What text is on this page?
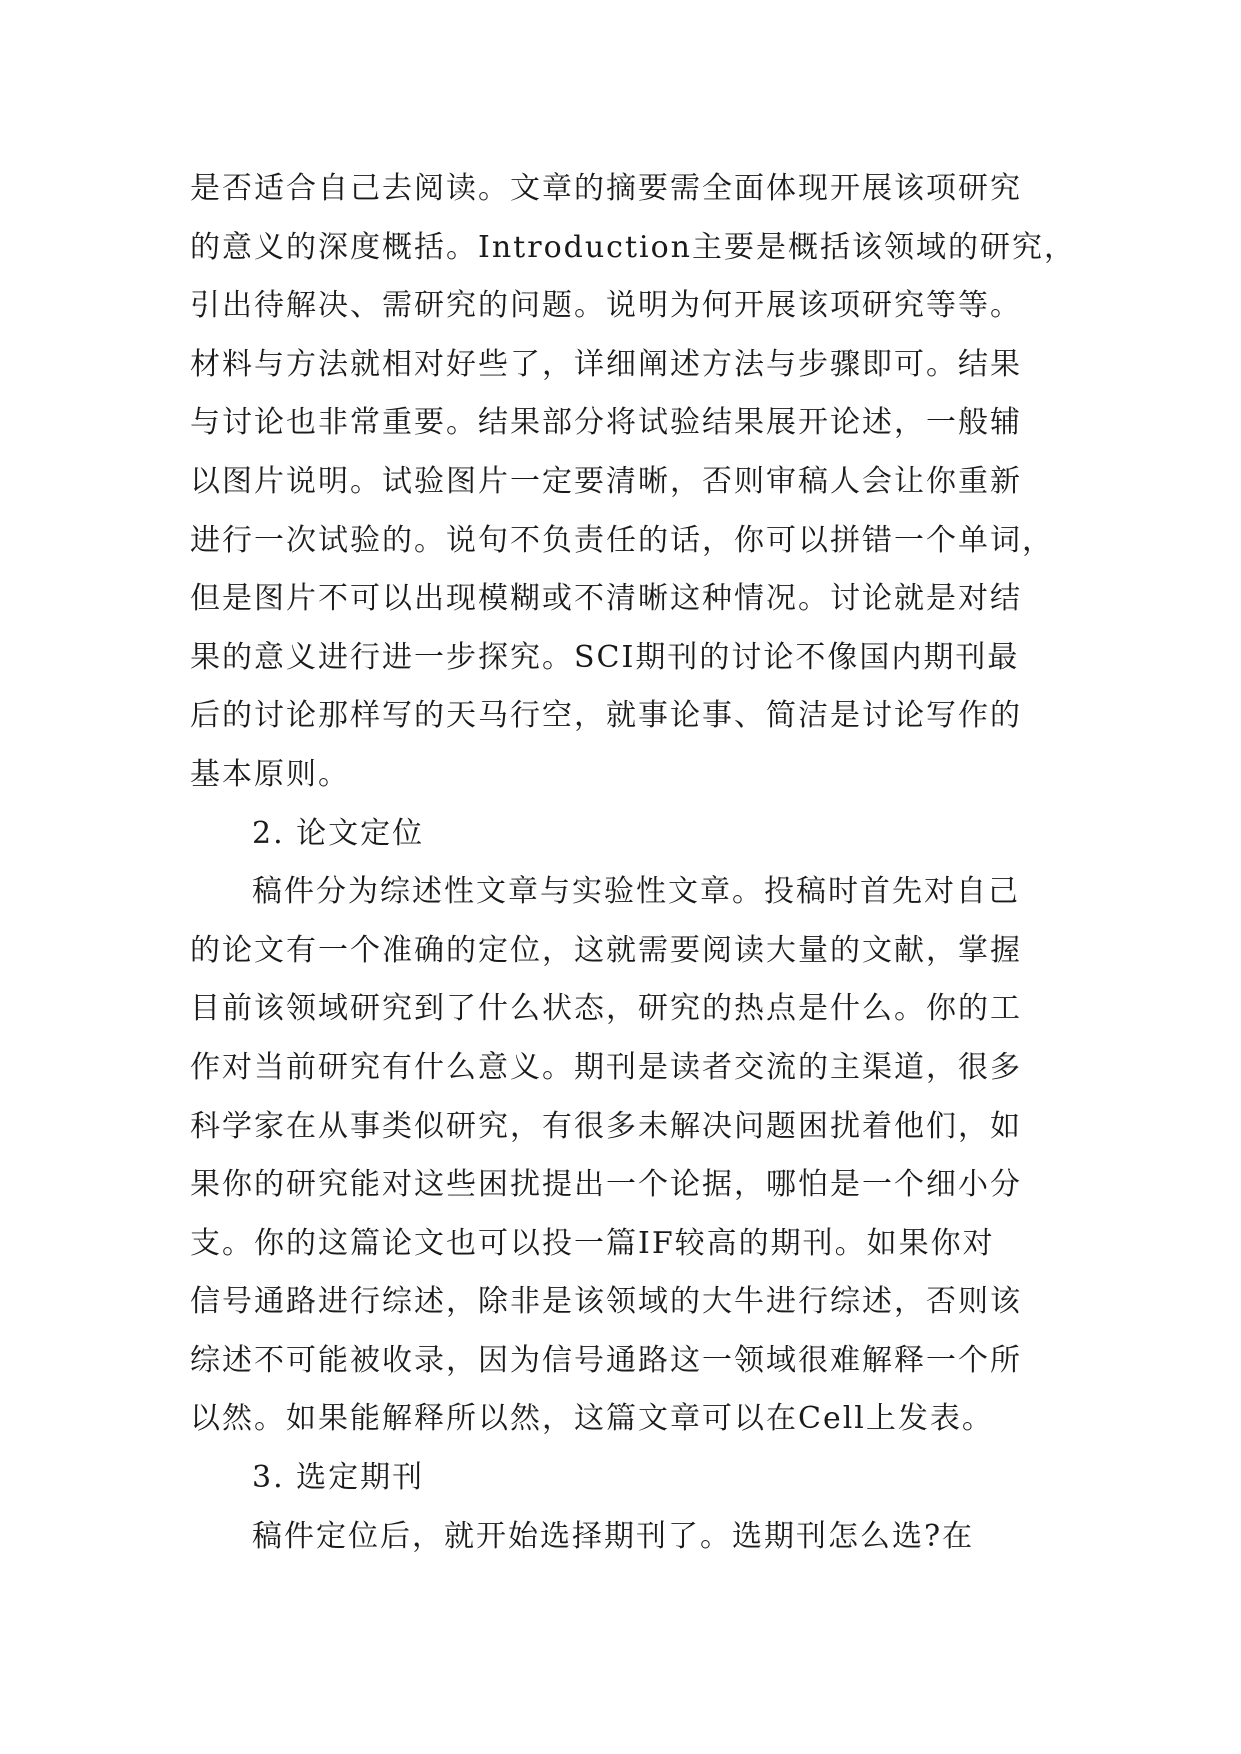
是否适合自己去阅读。文章的摘要需全面体现开展该项研究
的意义的深度概括。Introduction主要是概括该领域的研究，
引出待解决、需研究的问题。说明为何开展该项研究等等。
材料与方法就相对好些了，详细阐述方法与步骤即可。结果
与讨论也非常重要。结果部分将试验结果展开论述，一般辅
以图片说明。试验图片一定要清晰，否则审稿人会让你重新
进行一次试验的。说句不负责任的话，你可以拼错一个单词，
但是图片不可以出现模糊或不清晰这种情况。讨论就是对结
果的意义进行进一步探究。SCI期刊的讨论不像国内期刊最
后的讨论那样写的天马行空，就事论事、简洁是讨论写作的
基本原则。
2. 论文定位
稿件分为综述性文章与实验性文章。投稿时首先对自己
的论文有一个准确的定位，这就需要阅读大量的文献，掌握
目前该领域研究到了什么状态，研究的热点是什么。你的工
作对当前研究有什么意义。期刊是读者交流的主渠道，很多
科学家在从事类似研究，有很多未解决问题困扰着他们，如
果你的研究能对这些困扰提出一个论据，哪怕是一个细小分
支。你的这篇论文也可以投一篇IF较高的期刊。如果你对
信号通路进行综述，除非是该领域的大牛进行综述，否则该
综述不可能被收录，因为信号通路这一领域很难解释一个所
以然。如果能解释所以然，这篇文章可以在Cell上发表。
3. 选定期刊
稿件定位后，就开始选择期刊了。选期刊怎么选?在
